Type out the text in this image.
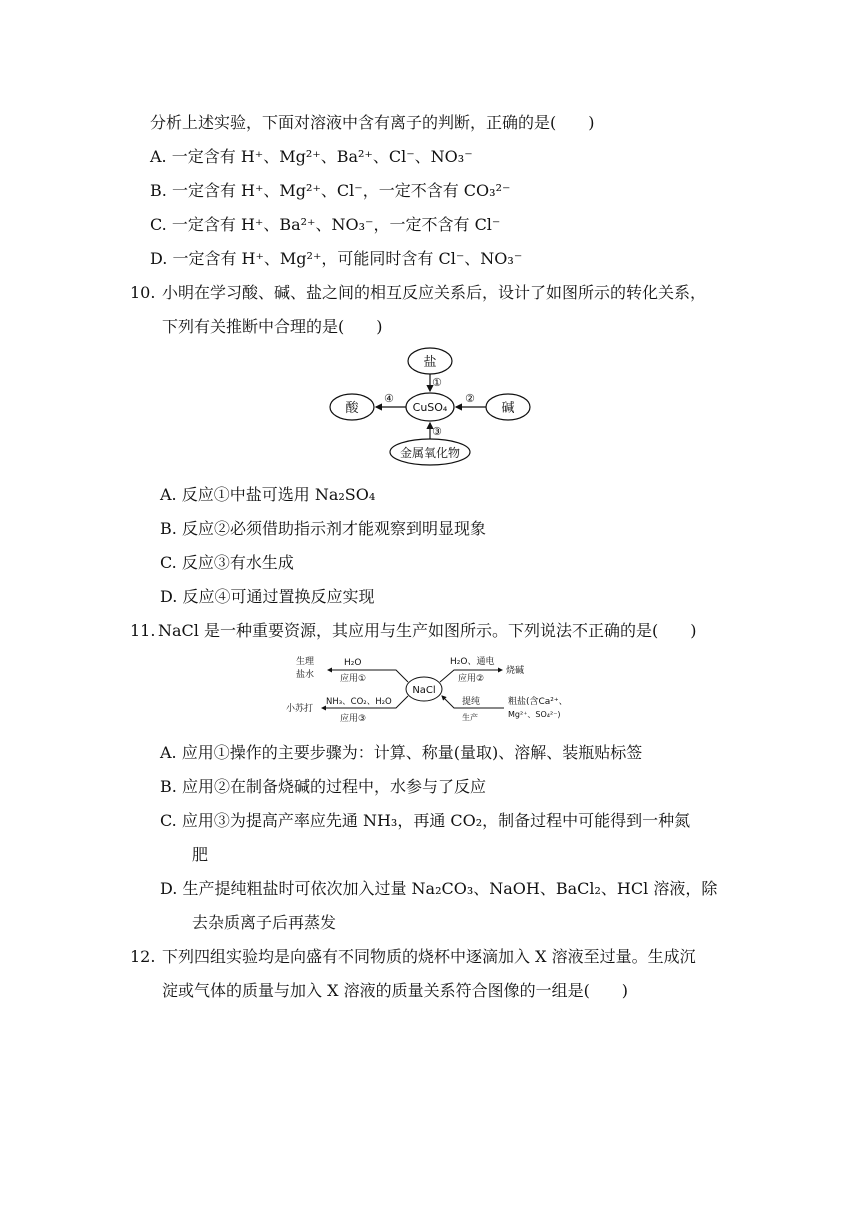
分析上述实验，下面对溶液中含有离子的判断，正确的是(　　)
A. 一定含有 H⁺、Mg²⁺、Ba²⁺、Cl⁻、NO₃⁻
B. 一定含有 H⁺、Mg²⁺、Cl⁻，一定不含有 CO₃²⁻
C. 一定含有 H⁺、Ba²⁺、NO₃⁻，一定不含有 Cl⁻
D. 一定含有 H⁺、Mg²⁺，可能同时含有 Cl⁻、NO₃⁻
10. 小明在学习酸、碱、盐之间的相互反应关系后，设计了如图所示的转化关系，
下列有关推断中合理的是(　　)
盐
酸	碱
CuSO₄
金属氧化物
①
②
③
④
A. 反应①中盐可选用 Na₂SO₄
B. 反应②必须借助指示剂才能观察到明显现象
C. 反应③有水生成
D. 反应④可通过置换反应实现
11. NaCl 是一种重要资源，其应用与生产如图所示。下列说法不正确的是(　　)
NaCl
H₂O
应用①
生理
盐水
H₂O、通电
应用②
烧碱
NH₃、CO₂、H₂O
应用③
小苏打
提纯
生产
粗盐(含Ca²⁺、
Mg²⁺、SO₄²⁻)
A. 应用①操作的主要步骤为：计算、称量(量取)、溶解、装瓶贴标签
B. 应用②在制备烧碱的过程中，水参与了反应
C. 应用③为提高产率应先通 NH₃，再通 CO₂，制备过程中可能得到一种氮
肥
D. 生产提纯粗盐时可依次加入过量 Na₂CO₃、NaOH、BaCl₂、HCl 溶液，除
去杂质离子后再蒸发
12. 下列四组实验均是向盛有不同物质的烧杯中逐滴加入 X 溶液至过量。生成沉
淀或气体的质量与加入 X 溶液的质量关系符合图像的一组是(　　)
